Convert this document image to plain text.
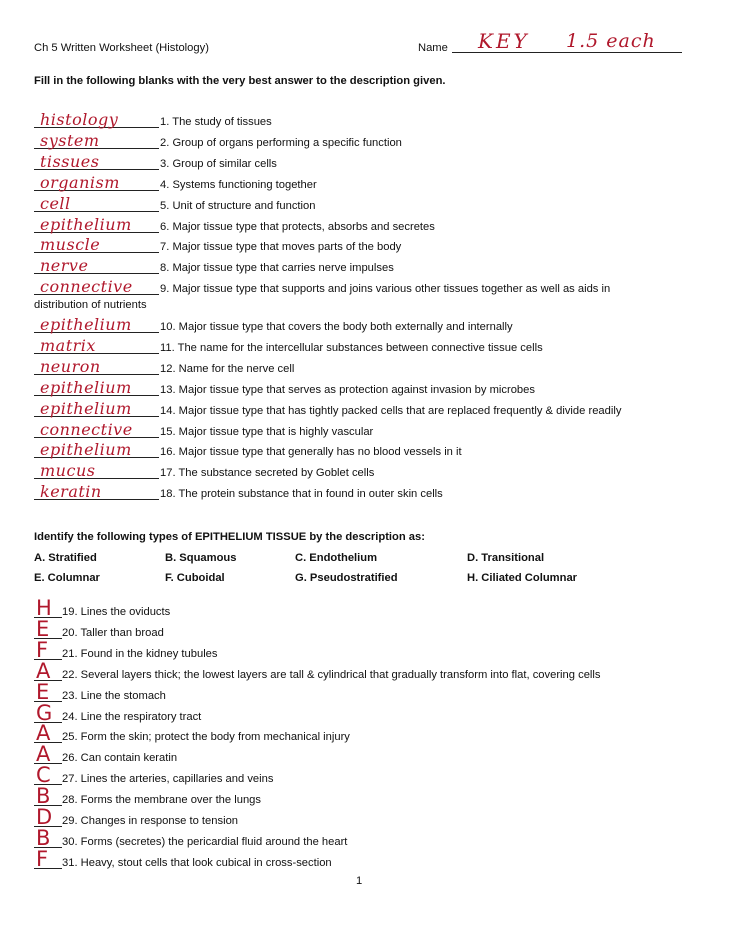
Ch 5 Written Worksheet (Histology)	Name KEY 1.5 each
Fill in the following blanks with the very best answer to the description given.
histology	1. The study of tissues
system	2. Group of organs performing a specific function
tissues	3. Group of similar cells
organism	4. Systems functioning together
cell	5. Unit of structure and function
epithelium	6. Major tissue type that protects, absorbs and secretes
muscle	7. Major tissue type that moves parts of the body
nerve	8. Major tissue type that carries nerve impulses
connective 9. Major tissue type that supports and joins various other tissues together as well as aids in
distribution of nutrients
epithelium	10. Major tissue type that covers the body both externally and internally
matrix	11. The name for the intercellular substances between connective tissue cells
neuron	12. Name for the nerve cell
epithelium	13. Major tissue type that serves as protection against invasion by microbes
epithelium	14. Major tissue type that has tightly packed cells that are replaced frequently & divide readily
connective 15. Major tissue type that is highly vascular
epithelium	16. Major tissue type that generally has no blood vessels in it
mucus	17. The substance secreted by Goblet cells
keratin	18. The protein substance that in found in outer skin cells
Identify the following types of EPITHELIUM TISSUE by the description as:
A. Stratified	B. Squamous	C. Endothelium	D. Transitional
E. Columnar	F. Cuboidal	G. Pseudostratified	H. Ciliated Columnar
H 19. Lines the oviducts
E 20. Taller than broad
F 21. Found in the kidney tubules
A 22. Several layers thick; the lowest layers are tall & cylindrical that gradually transform into flat, covering cells
E 23. Line the stomach
G 24. Line the respiratory tract
A 25. Form the skin; protect the body from mechanical injury
A 26. Can contain keratin
C 27. Lines the arteries, capillaries and veins
B 28. Forms the membrane over the lungs
D 29. Changes in response to tension
B 30. Forms (secretes) the pericardial fluid around the heart
F 31. Heavy, stout cells that look cubical in cross-section
1
